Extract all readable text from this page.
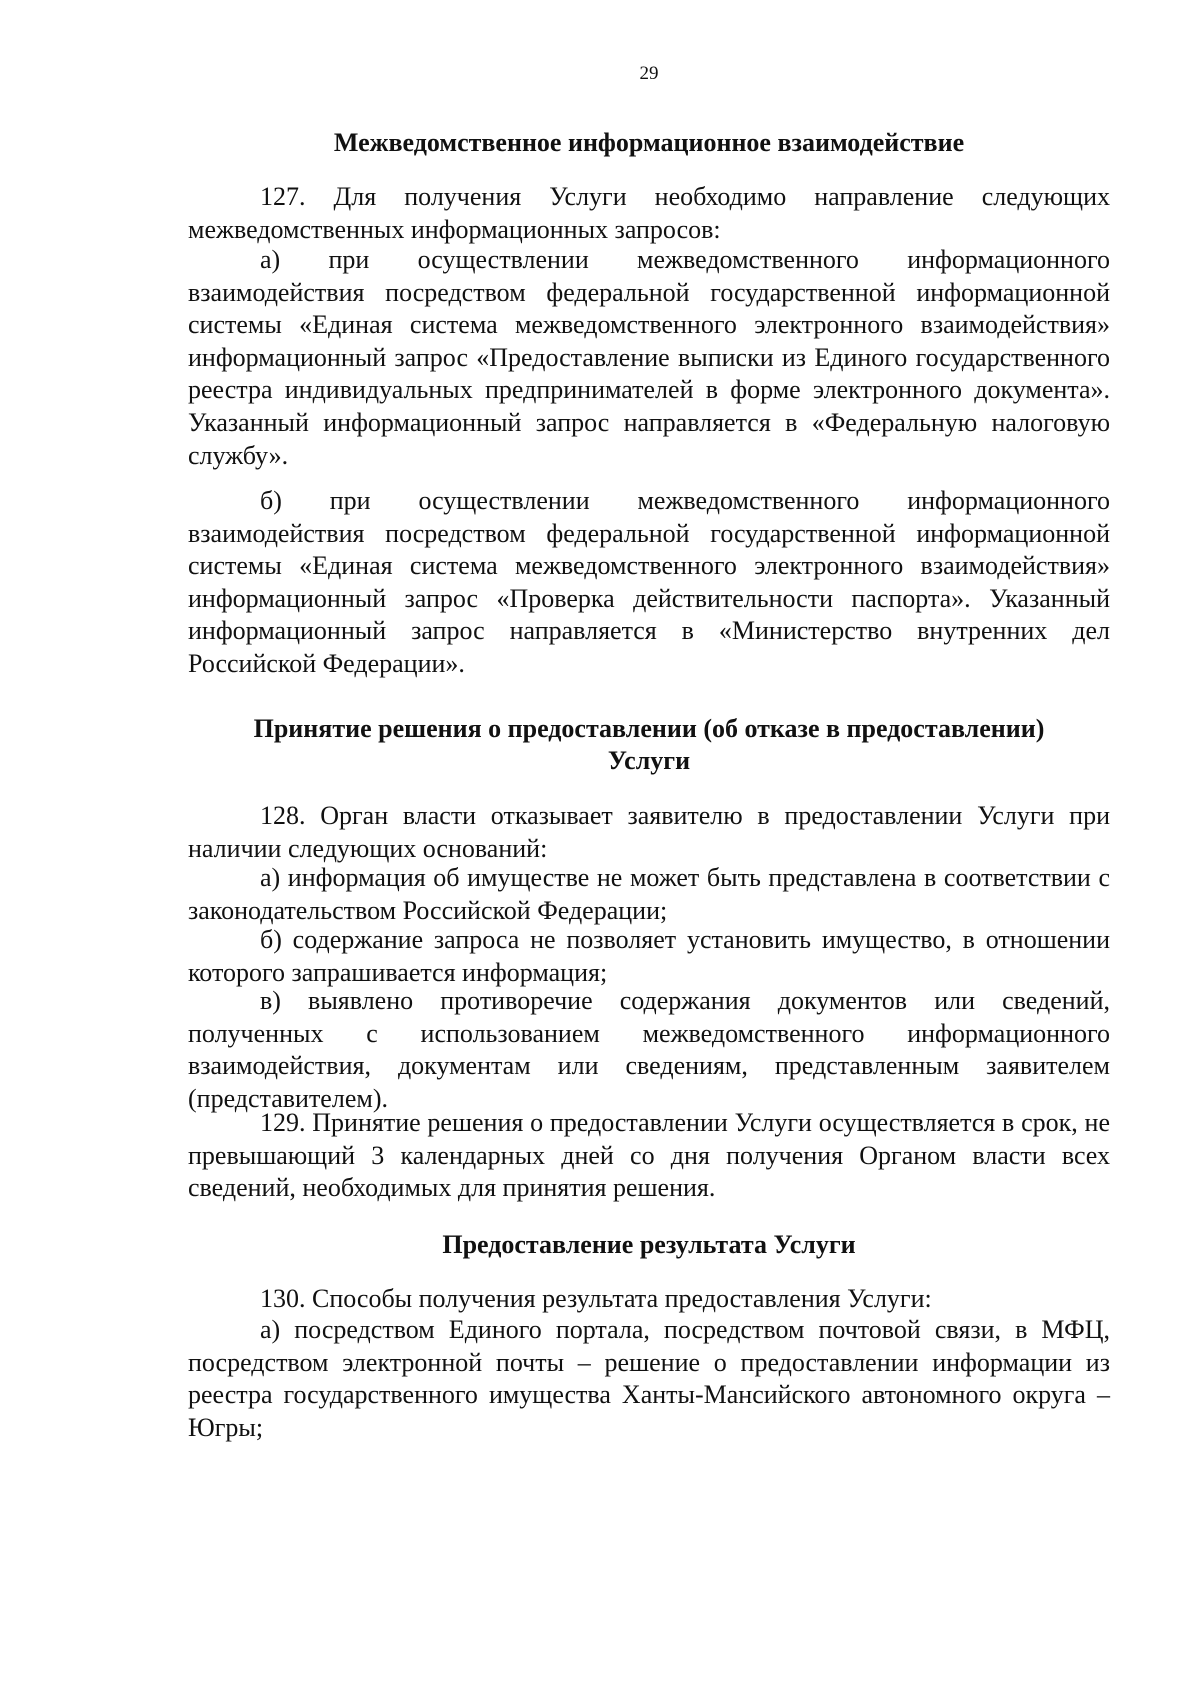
29
Межведомственное информационное взаимодействие

127. Для получения Услуги необходимо направление следующих межведомственных информационных запросов:

а) при осуществлении межведомственного информационного взаимодействия посредством федеральной государственной информационной системы «Единая система межведомственного электронного взаимодействия» информационный запрос «Предоставление выписки из Единого государственного реестра индивидуальных предпринимателей в форме электронного документа». Указанный информационный запрос направляется в «Федеральную налоговую службу».

б) при осуществлении межведомственного информационного взаимодействия посредством федеральной государственной информационной системы «Единая система межведомственного электронного взаимодействия» информационный запрос «Проверка действительности паспорта». Указанный информационный запрос направляется в «Министерство внутренних дел Российской Федерации».

Принятие решения о предоставлении (об отказе в предоставлении)
Услуги

128. Орган власти отказывает заявителю в предоставлении Услуги при наличии следующих оснований:

а) информация об имуществе не может быть представлена в соответствии с законодательством Российской Федерации;

б) содержание запроса не позволяет установить имущество, в отношении которого запрашивается информация;

в) выявлено противоречие содержания документов или сведений, полученных с использованием межведомственного информационного взаимодействия, документам или сведениям, представленным заявителем (представителем).

129. Принятие решения о предоставлении Услуги осуществляется в срок, не превышающий 3 календарных дней со дня получения Органом власти всех сведений, необходимых для принятия решения.

Предоставление результата Услуги

130. Способы получения результата предоставления Услуги:

а) посредством Единого портала, посредством почтовой связи, в МФЦ, посредством электронной почты – решение о предоставлении информации из реестра государственного имущества Ханты-Мансийского автономного округа – Югры;
